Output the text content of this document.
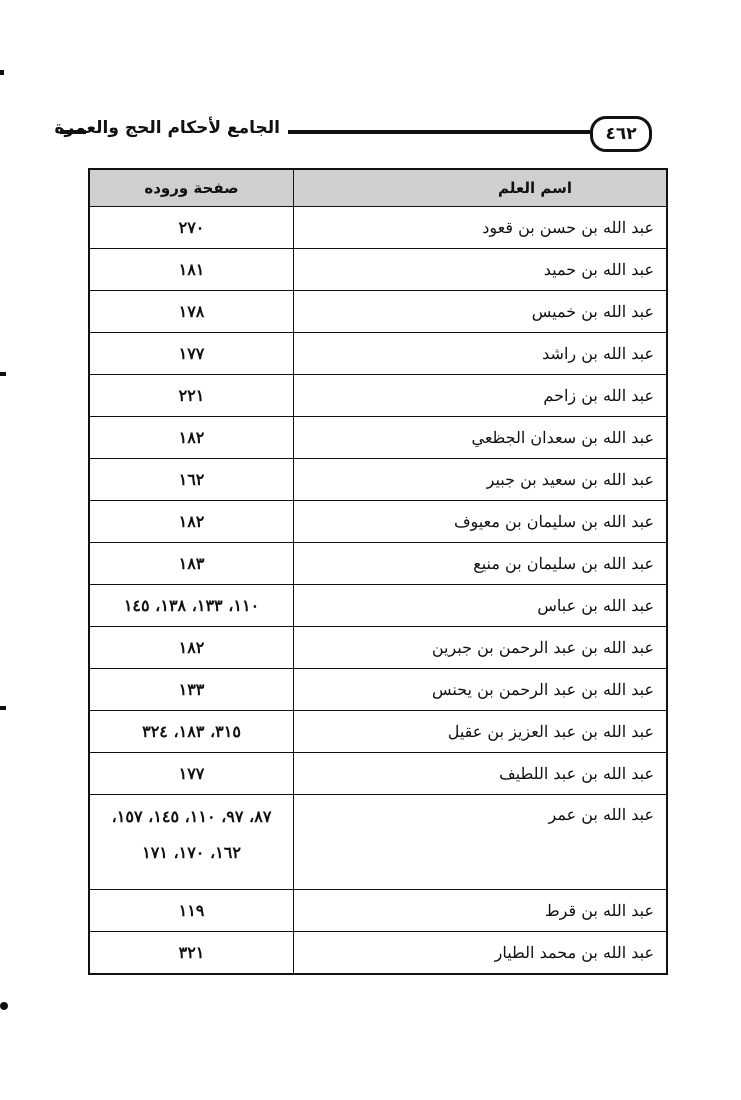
الجامع لأحكام الحج والعمرة	٤٦٢
اسم العلم	صفحة وروده
عبد الله بن حسن بن قعود	٢٧٠
عبد الله بن حميد	١٨١
عبد الله بن خميس	١٧٨
عبد الله بن راشد	١٧٧
عبد الله بن زاحم	٢٢١
عبد الله بن سعدان الجظعي	١٨٢
عبد الله بن سعيد بن جبير	١٦٢
عبد الله بن سليمان بن معيوف	١٨٢
عبد الله بن سليمان بن منيع	١٨٣
عبد الله بن عباس	١١٠، ١٣٣، ١٣٨، ١٤٥
عبد الله بن عبد الرحمن بن جبرين	١٨٢
عبد الله بن عبد الرحمن بن يحنس	١٣٣
عبد الله بن عبد العزيز بن عقيل	٣١٥، ١٨٣، ٣٢٤
عبد الله بن عبد اللطيف	١٧٧
عبد الله بن عمر	٨٧، ٩٧، ١١٠، ١٤٥، ١٥٧، ١٦٢، ١٧٠، ١٧١
عبد الله بن قرط	١١٩
عبد الله بن محمد الطيار	٣٢١
